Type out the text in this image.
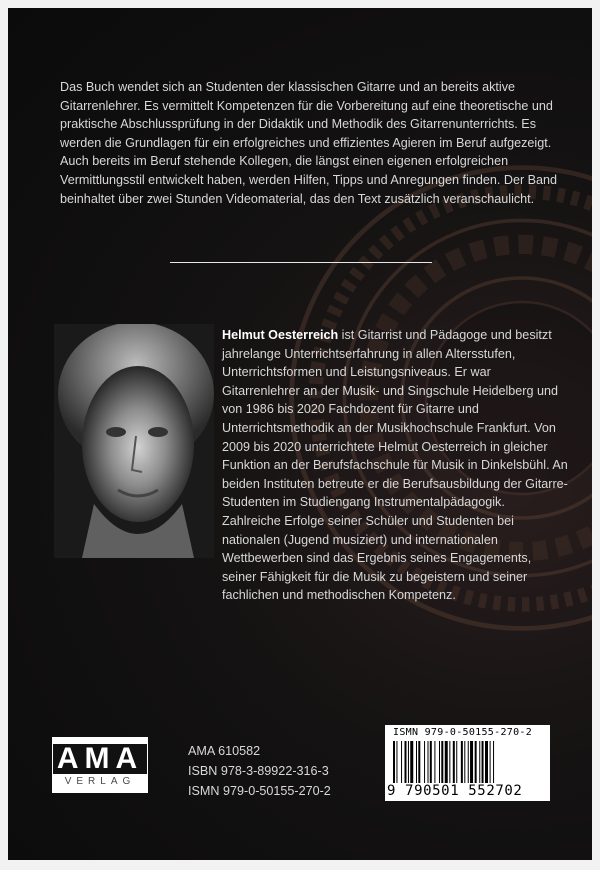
Das Buch wendet sich an Studenten der klassischen Gitarre und an bereits aktive Gitarrenlehrer. Es vermittelt Kompetenzen für die Vorbereitung auf eine theoretische und praktische Abschlussprüfung in der Didaktik und Methodik des Gitarrenunterrichts. Es werden die Grundlagen für ein erfolgreiches und effizientes Agieren im Beruf aufgezeigt. Auch bereits im Beruf stehende Kollegen, die längst einen eigenen erfolgreichen Vermittlungsstil entwickelt haben, werden Hilfen, Tipps und Anregungen finden. Der Band beinhaltet über zwei Stunden Videomaterial, das den Text zusätzlich veranschaulicht.

Helmut Oesterreich ist Gitarrist und Pädagoge und besitzt jahrelange Unterrichtserfahrung in allen Altersstufen, Unterrichtsformen und Leistungsniveaus. Er war Gitarrenlehrer an der Musik- und Singschule Heidelberg und von 1986 bis 2020 Fachdozent für Gitarre und Unterrichtsmethodik an der Musikhochschule Frankfurt. Von 2009 bis 2020 unterrichtete Helmut Oesterreich in gleicher Funktion an der Berufsfachschule für Musik in Dinkelsbühl. An beiden Instituten betreute er die Berufsausbildung der Gitarre-Studenten im Studiengang Instrumentalpädagogik.
Zahlreiche Erfolge seiner Schüler und Studenten bei nationalen (Jugend musiziert) und internationalen Wettbewerben sind das Ergebnis seines Engagements, seiner Fähigkeit für die Musik zu begeistern und seiner fachlichen und methodischen Kompetenz.

AMA
VERLAG
AMA 610582
ISBN 978-3-89922-316-3
ISMN 979-0-50155-270-2
ISMN 979-0-50155-270-2
9 790501 552702
